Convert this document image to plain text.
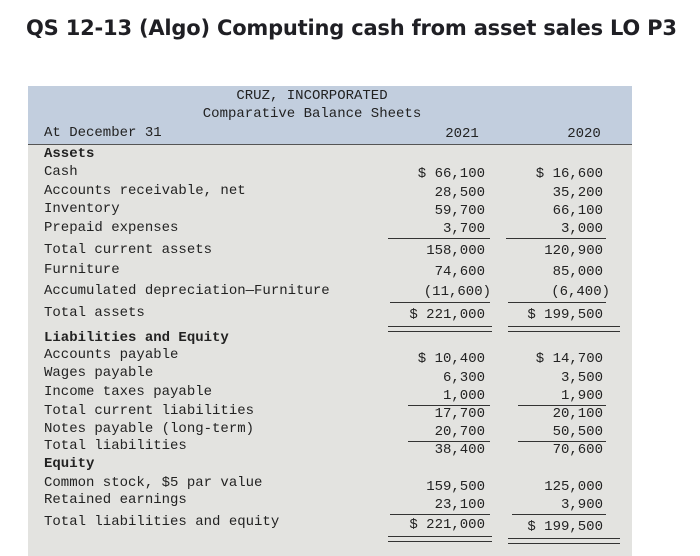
QS 12-13 (Algo) Computing cash from asset sales LO P3
CRUZ, INCORPORATED
Comparative Balance Sheets
At December 31	2021	2020
Assets
Cash	$ 66,100	$ 16,600
Accounts receivable, net	28,500	35,200
Inventory	59,700	66,100
Prepaid expenses	3,700	3,000
Total current assets	158,000	120,900
Furniture	74,600	85,000
Accumulated depreciation—Furniture	(11,600)	(6,400)
Total assets	$ 221,000	$ 199,500
Liabilities and Equity
Accounts payable	$ 10,400	$ 14,700
Wages payable	6,300	3,500
Income taxes payable	1,000	1,900
Total current liabilities	17,700	20,100
Notes payable (long-term)	20,700	50,500
Total liabilities	38,400	70,600
Equity
Common stock, $5 par value	159,500	125,000
Retained earnings	23,100	3,900
Total liabilities and equity	$ 221,000	$ 199,500
